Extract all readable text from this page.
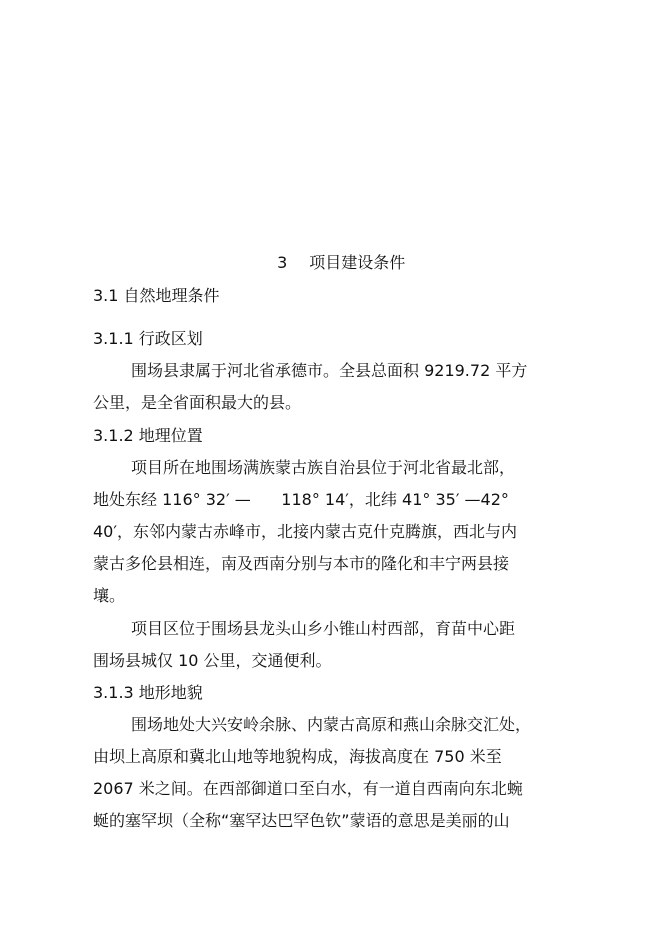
3 项目建设条件

3.1 自然地理条件
3.1.1 行政区划
围场县隶属于河北省承德市。全县总面积 9219.72 平方
公里，是全省面积最大的县。
3.1.2 地理位置
项目所在地围场满族蒙古族自治县位于河北省最北部，
地处东经 116° 32′ —      118° 14′，北纬 41° 35′ —42°
40′，东邻内蒙古赤峰市，北接内蒙古克什克腾旗，西北与内
蒙古多伦县相连，南及西南分别与本市的隆化和丰宁两县接
壤。
项目区位于围场县龙头山乡小锥山村西部，育苗中心距
围场县城仅 10 公里，交通便利。
3.1.3 地形地貌
围场地处大兴安岭余脉、内蒙古高原和燕山余脉交汇处，
由坝上高原和冀北山地等地貌构成，海拔高度在 750 米至
2067 米之间。在西部御道口至白水，有一道自西南向东北蜿
蜒的塞罕坝（全称“塞罕达巴罕色钦”蒙语的意思是美丽的山
